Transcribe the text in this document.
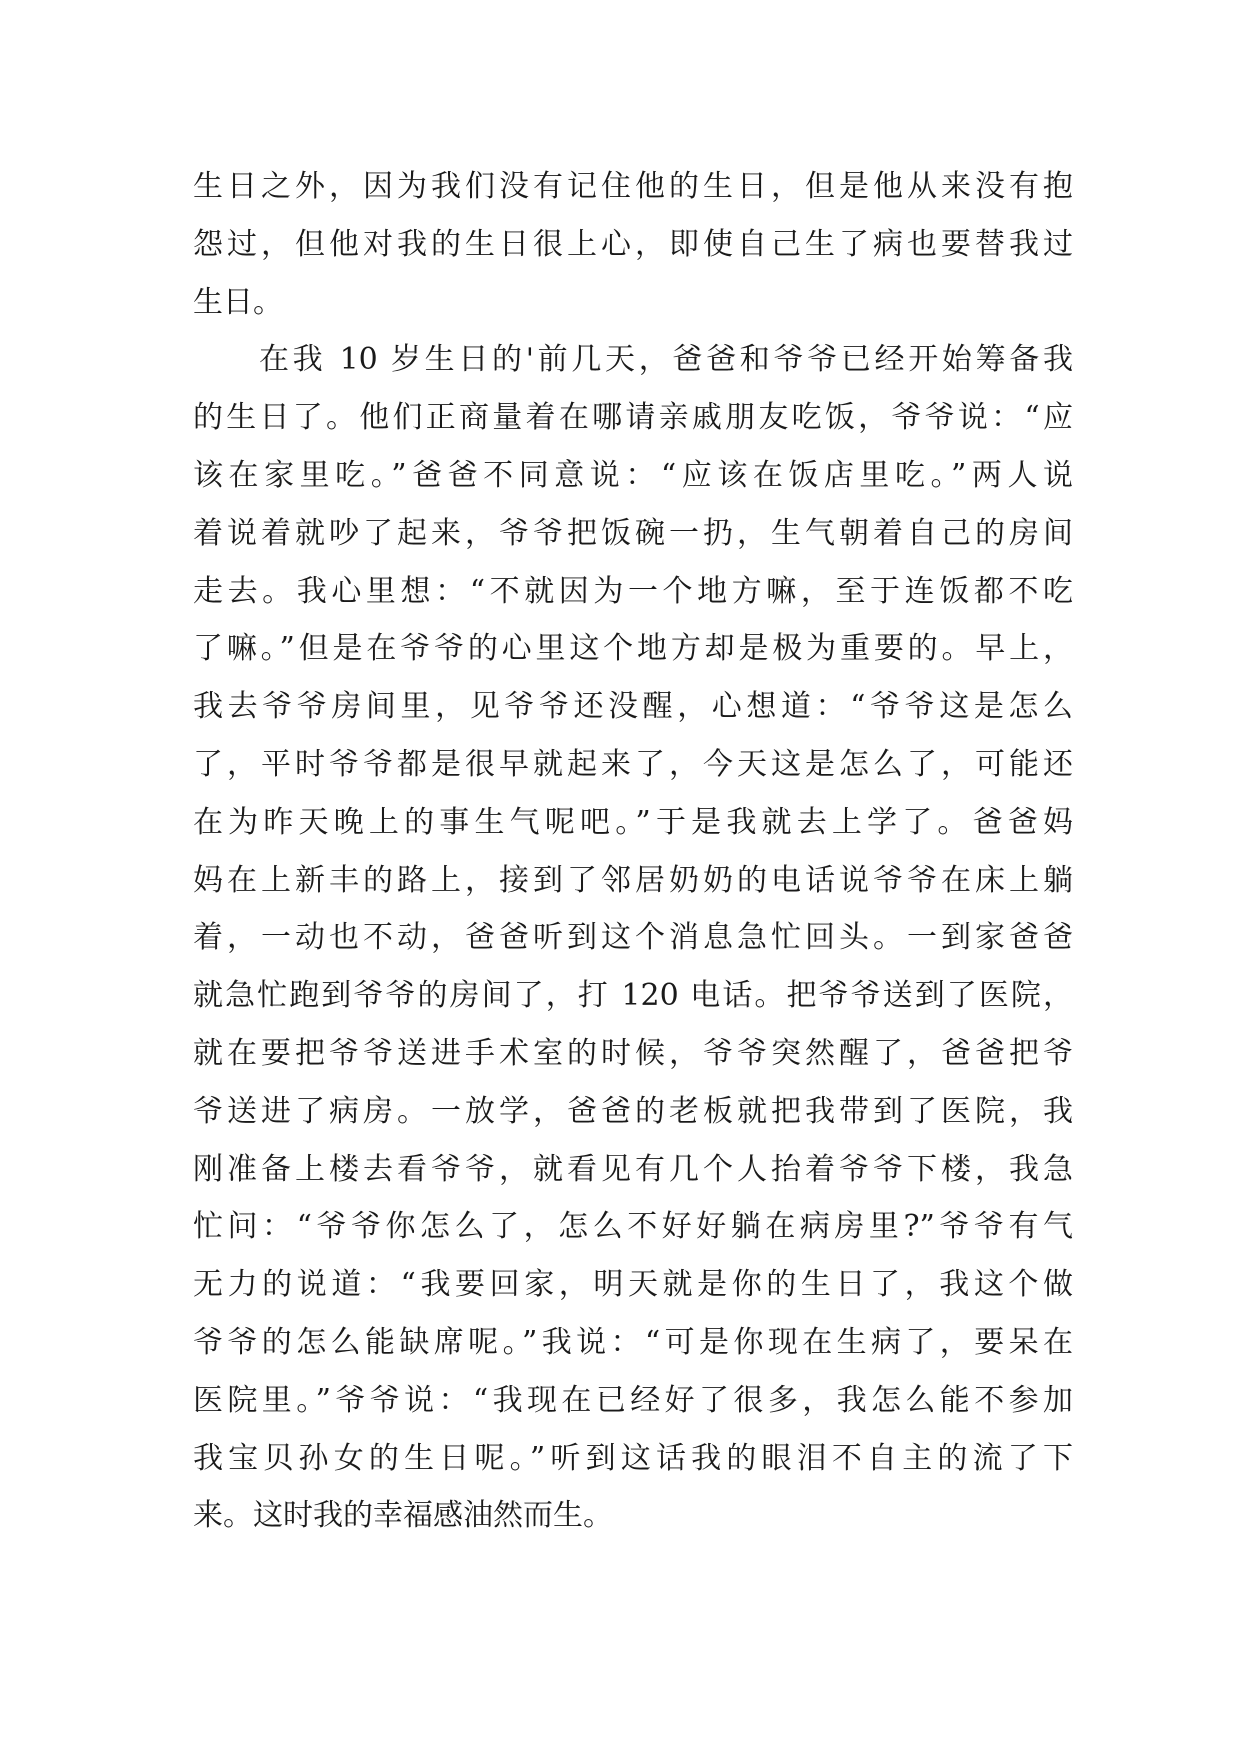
生日之外，因为我们没有记住他的生日，但是他从来没有抱
怨过，但他对我的生日很上心，即使自己生了病也要替我过
生日。
在我 10 岁生日的'前几天，爸爸和爷爷已经开始筹备我
的生日了。他们正商量着在哪请亲戚朋友吃饭，爷爷说：“应
该在家里吃。”爸爸不同意说：“应该在饭店里吃。”两人说
着说着就吵了起来，爷爷把饭碗一扔，生气朝着自己的房间
走去。我心里想：“不就因为一个地方嘛，至于连饭都不吃
了嘛。”但是在爷爷的心里这个地方却是极为重要的。早上，
我去爷爷房间里，见爷爷还没醒，心想道：“爷爷这是怎么
了，平时爷爷都是很早就起来了，今天这是怎么了，可能还
在为昨天晚上的事生气呢吧。”于是我就去上学了。爸爸妈
妈在上新丰的路上，接到了邻居奶奶的电话说爷爷在床上躺
着，一动也不动，爸爸听到这个消息急忙回头。一到家爸爸
就急忙跑到爷爷的房间了，打 120 电话。把爷爷送到了医院，
就在要把爷爷送进手术室的时候，爷爷突然醒了，爸爸把爷
爷送进了病房。一放学，爸爸的老板就把我带到了医院，我
刚准备上楼去看爷爷，就看见有几个人抬着爷爷下楼，我急
忙问：“爷爷你怎么了，怎么不好好躺在病房里?”爷爷有气
无力的说道：“我要回家，明天就是你的生日了，我这个做
爷爷的怎么能缺席呢。”我说：“可是你现在生病了，要呆在
医院里。”爷爷说：“我现在已经好了很多，我怎么能不参加
我宝贝孙女的生日呢。”听到这话我的眼泪不自主的流了下
来。这时我的幸福感油然而生。
